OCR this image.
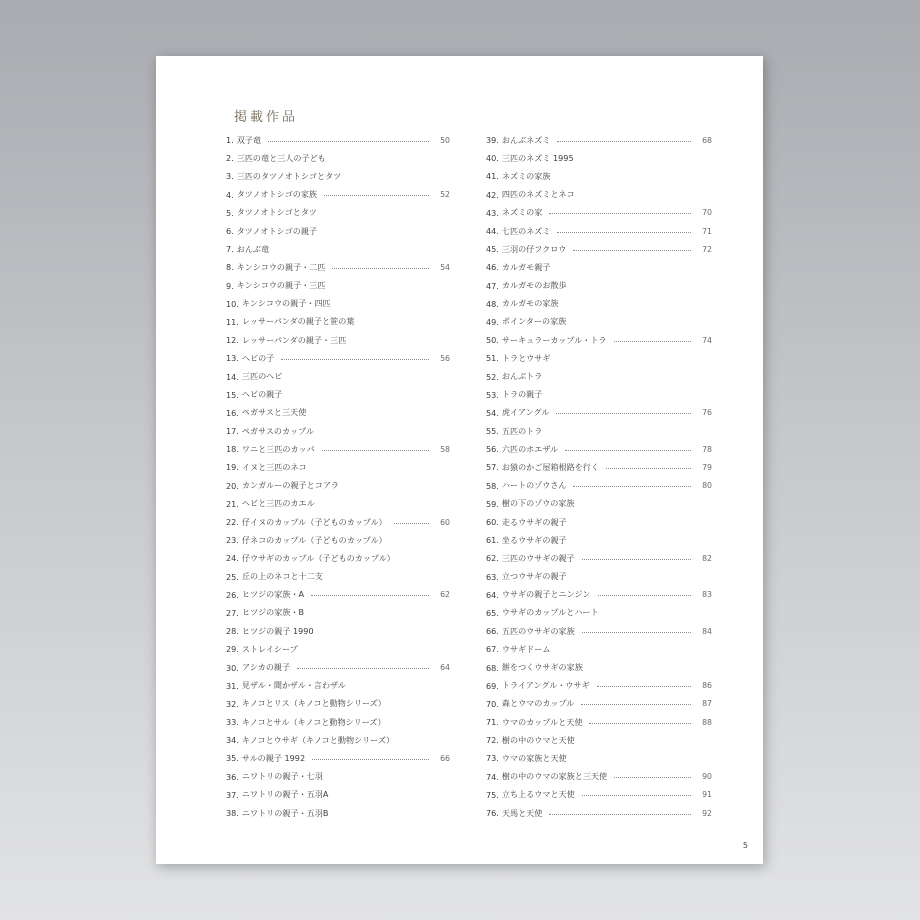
掲載作品
1. 双子竜	50
2. 三匹の竜と三人の子ども
3. 三匹のタツノオトシゴとタツ
4. タツノオトシゴの家族	52
5. タツノオトシゴとタツ
6. タツノオトシゴの親子
7. おんぶ竜
8. キンシコウの親子・二匹	54
9. キンシコウの親子・三匹
10. キンシコウの親子・四匹
11. レッサーパンダの親子と笹の葉
12. レッサーパンダの親子・三匹
13. ヘビの子	56
14. 三匹のヘビ
15. ヘビの親子
16. ペガサスと三天使
17. ペガサスのカップル
18. ワニと三匹のカッパ	58
19. イヌと三匹のネコ
20. カンガルーの親子とコアラ
21. ヘビと三匹のカエル
22. 仔イヌのカップル（子どものカップル）	60
23. 仔ネコのカップル（子どものカップル）
24. 仔ウサギのカップル（子どものカップル）
25. 丘の上のネコと十二支
26. ヒツジの家族・A	62
27. ヒツジの家族・B
28. ヒツジの親子 1990
29. ストレイシープ
30. アシカの親子	64
31. 見ザル・聞かザル・言わザル
32. キノコとリス（キノコと動物シリーズ）
33. キノコとサル（キノコと動物シリーズ）
34. キノコとウサギ（キノコと動物シリーズ）
35. サルの親子 1992	66
36. ニワトリの親子・七羽
37. ニワトリの親子・五羽A
38. ニワトリの親子・五羽B
39. おんぶネズミ	68
40. 三匹のネズミ 1995
41. ネズミの家族
42. 四匹のネズミとネコ
43. ネズミの家	70
44. 七匹のネズミ	71
45. 三羽の仔フクロウ	72
46. カルガモ親子
47. カルガモのお散歩
48. カルガモの家族
49. ポインターの家族
50. サーキュラーカップル・トラ	74
51. トラとウサギ
52. おんぶトラ
53. トラの親子
54. 虎イアングル	76
55. 五匹のトラ
56. 六匹のホエザル	78
57. お猿のかご屋箱根路を行く	79
58. ハートのゾウさん	80
59. 樹の下のゾウの家族
60. 走るウサギの親子
61. 坐るウサギの親子
62. 三匹のウサギの親子	82
63. 立つウサギの親子
64. ウサギの親子とニンジン	83
65. ウサギのカップルとハート
66. 五匹のウサギの家族	84
67. ウサギドーム
68. 餅をつくウサギの家族
69. トライアングル・ウサギ	86
70. 森とウマのカップル	87
71. ウマのカップルと天使	88
72. 樹の中のウマと天使
73. ウマの家族と天使
74. 樹の中のウマの家族と三天使	90
75. 立ち上るウマと天使	91
76. 天馬と天使	92
5
